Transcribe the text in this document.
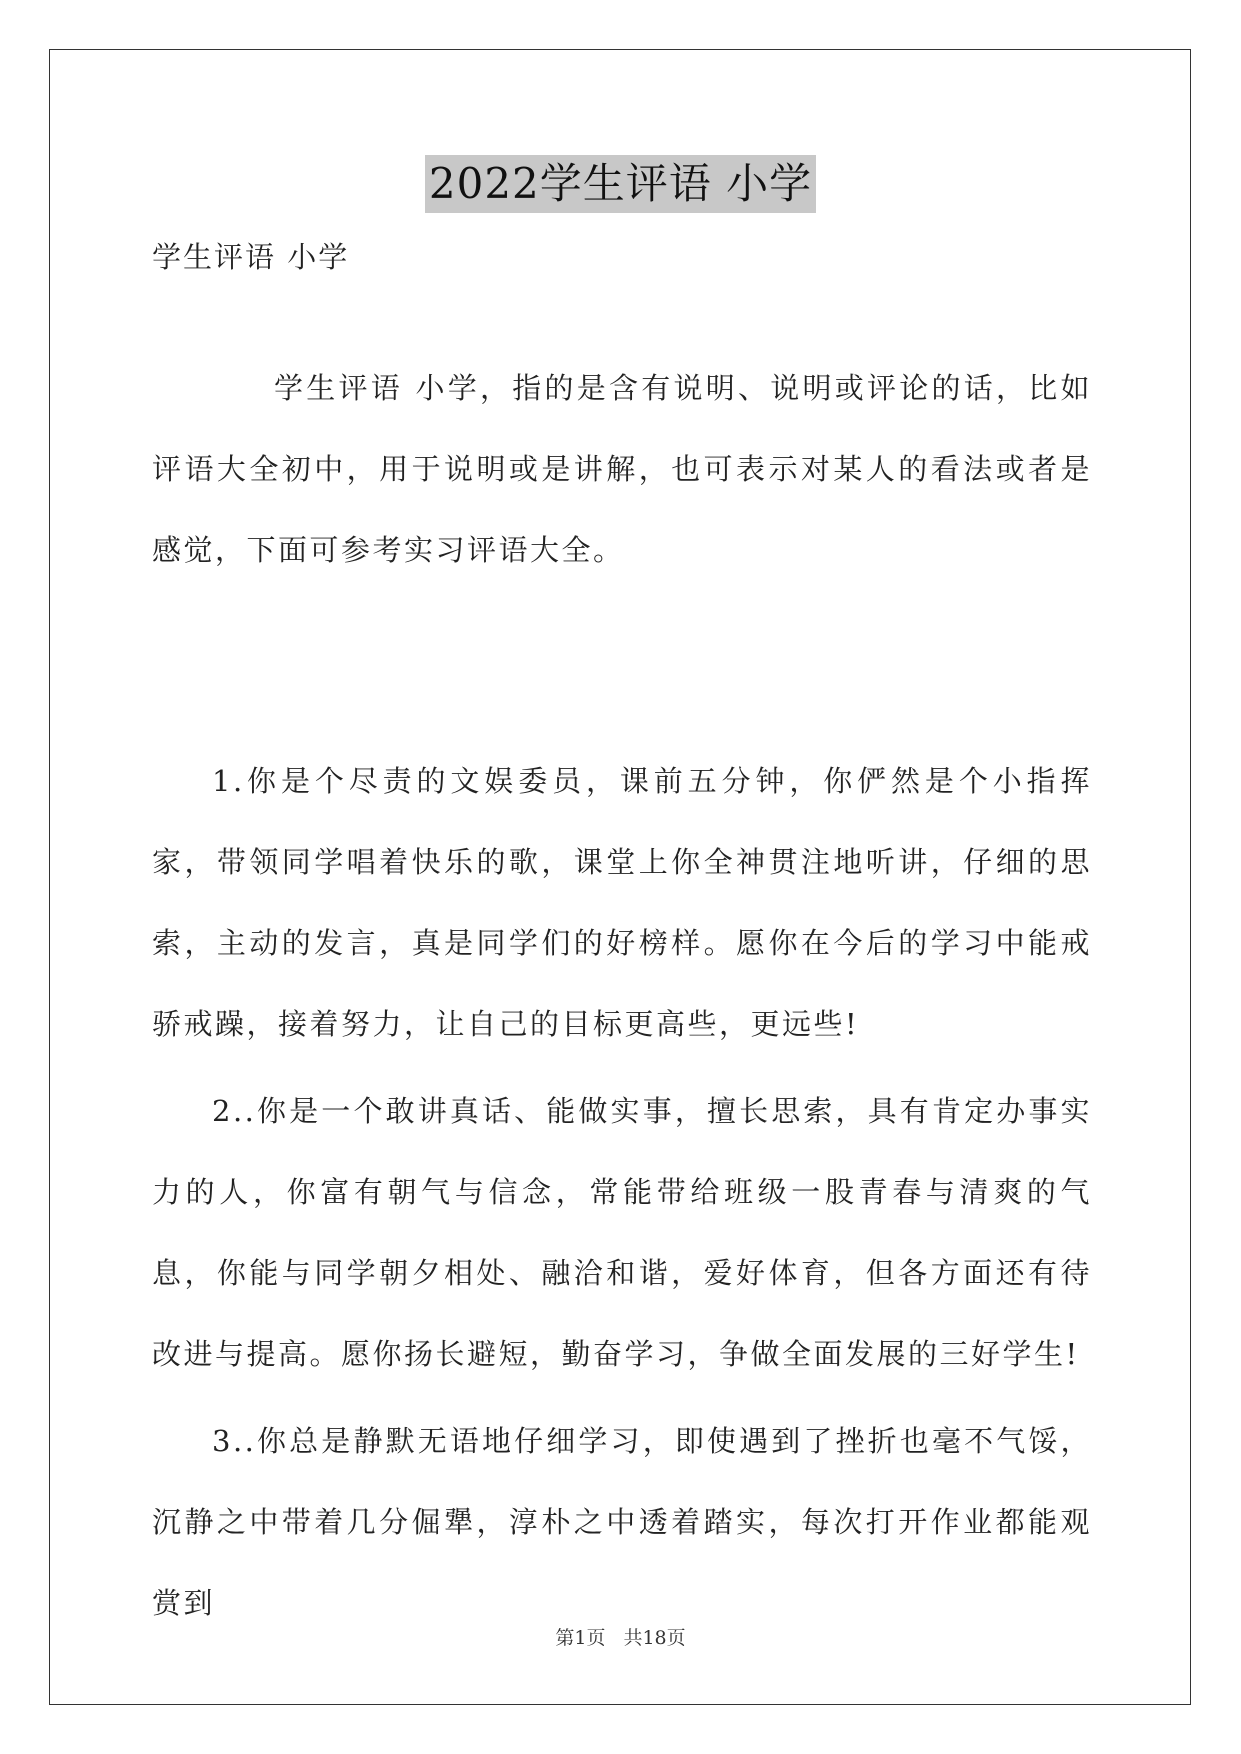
2022学生评语 小学
学生评语 小学
学生评语 小学，指的是含有说明、说明或评论的话，比如评语大全初中，用于说明或是讲解，也可表示对某人的看法或者是感觉，下面可参考实习评语大全。
1.你是个尽责的文娱委员，课前五分钟，你俨然是个小指挥家，带领同学唱着快乐的歌，课堂上你全神贯注地听讲，仔细的思索，主动的发言，真是同学们的好榜样。愿你在今后的学习中能戒骄戒躁，接着努力，让自己的目标更高些，更远些!
2..你是一个敢讲真话、能做实事，擅长思索，具有肯定办事实力的人，你富有朝气与信念，常能带给班级一股青春与清爽的气息，你能与同学朝夕相处、融洽和谐，爱好体育，但各方面还有待改进与提高。愿你扬长避短，勤奋学习，争做全面发展的三好学生!
3..你总是静默无语地仔细学习，即使遇到了挫折也毫不气馁，沉静之中带着几分倔犟，淳朴之中透着踏实，每次打开作业都能观赏到
第1页 共18页
